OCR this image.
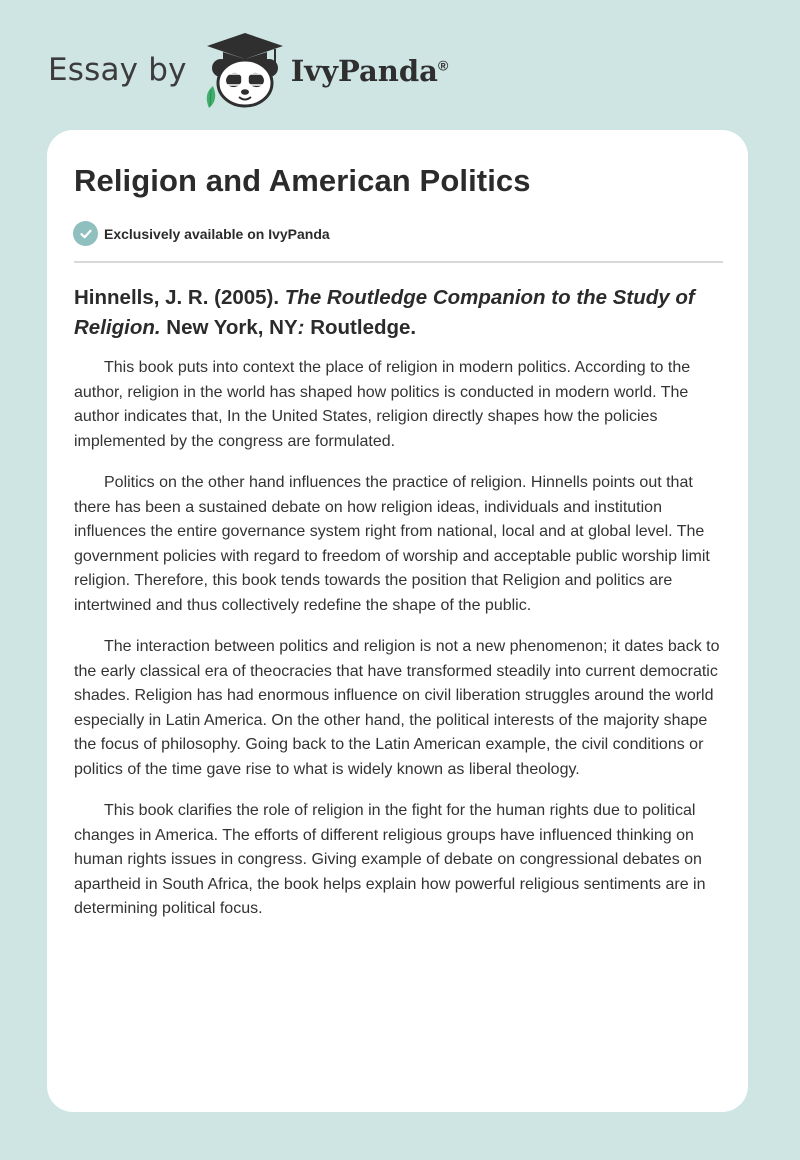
Essay by	IvyPanda®
Religion and American Politics
Exclusively available on IvyPanda
Hinnells, J. R. (2005). The Routledge Companion to the Study of Religion. New York, NY: Routledge.

This book puts into context the place of religion in modern politics. According to the author, religion in the world has shaped how politics is conducted in modern world. The author indicates that, In the United States, religion directly shapes how the policies implemented by the congress are formulated.

Politics on the other hand influences the practice of religion. Hinnells points out that there has been a sustained debate on how religion ideas, individuals and institution influences the entire governance system right from national, local and at global level. The government policies with regard to freedom of worship and acceptable public worship limit religion. Therefore, this book tends towards the position that Religion and politics are intertwined and thus collectively redefine the shape of the public.

The interaction between politics and religion is not a new phenomenon; it dates back to the early classical era of theocracies that have transformed steadily into current democratic shades. Religion has had enormous influence on civil liberation struggles around the world especially in Latin America. On the other hand, the political interests of the majority shape the focus of philosophy. Going back to the Latin American example, the civil conditions or politics of the time gave rise to what is widely known as liberal theology.

This book clarifies the role of religion in the fight for the human rights due to political changes in America. The efforts of different religious groups have influenced thinking on human rights issues in congress. Giving example of debate on congressional debates on apartheid in South Africa, the book helps explain how powerful religious sentiments are in determining political focus.
